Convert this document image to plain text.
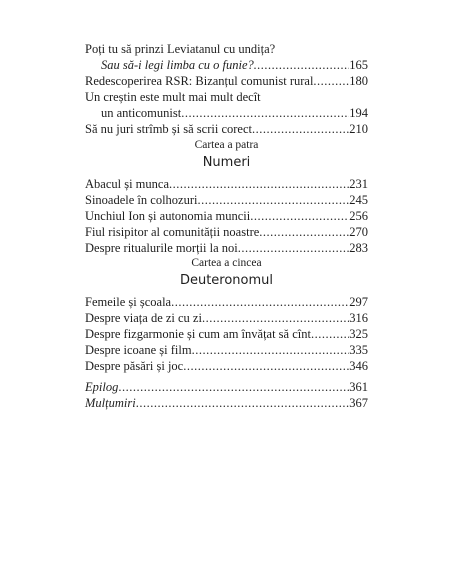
Poți tu să prinzi Leviatanul cu undița?
Sau să-i legi limba cu o funie? .....	165
Redescoperirea RSR: Bizanțul comunist rural .....	180
Un creștin este mult mai mult decît
un anticomunist .....	194
Să nu juri strîmb și să scrii corect .....	210
Cartea a patra
Numeri
Abacul și munca .....	231
Sinoadele în colhozuri .....	245
Unchiul Ion și autonomia muncii .....	256
Fiul risipitor al comunității noastre .....	270
Despre ritualurile morții la noi .....	283
Cartea a cincea
Deuteronomul
Femeile și școala .....	297
Despre viața de zi cu zi .....	316
Despre fizgarmonie și cum am învățat să cînt .....	325
Despre icoane și film .....	335
Despre păsări și joc .....	346
Epilog .....	361
Mulțumiri .....	367
